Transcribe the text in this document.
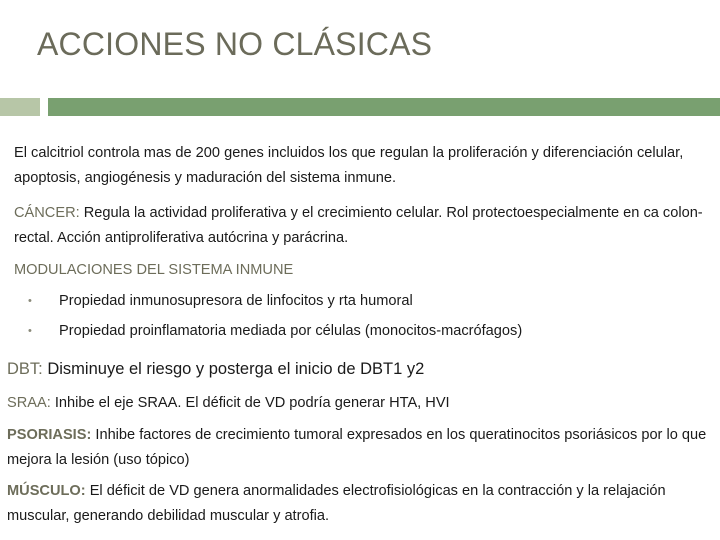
ACCIONES NO CLÁSICAS
El calcitriol controla mas de 200 genes incluidos los que regulan la proliferación y diferenciación celular, apoptosis, angiogénesis y maduración del sistema inmune.
CÁNCER: Regula la actividad proliferativa y el crecimiento celular. Rol protectoespecialmente en ca colon-rectal. Acción antiproliferativa autócrina y parácrina.
MODULACIONES DEL SISTEMA INMUNE
• Propiedad inmunosupresora de linfocitos y rta humoral
• Propiedad proinflamatoria mediada por células (monocitos-macrófagos)
DBT: Disminuye el riesgo y posterga el inicio de DBT1 y2
SRAA: Inhibe el eje SRAA. El déficit de VD podría generar HTA, HVI
PSORIASIS: Inhibe factores de crecimiento tumoral expresados en los queratinocitos psoriásicos por lo que mejora la lesión (uso tópico)
MÚSCULO: El déficit de VD genera anormalidades electrofisiológicas en la contracción y la relajación muscular, generando debilidad muscular y atrofia.
